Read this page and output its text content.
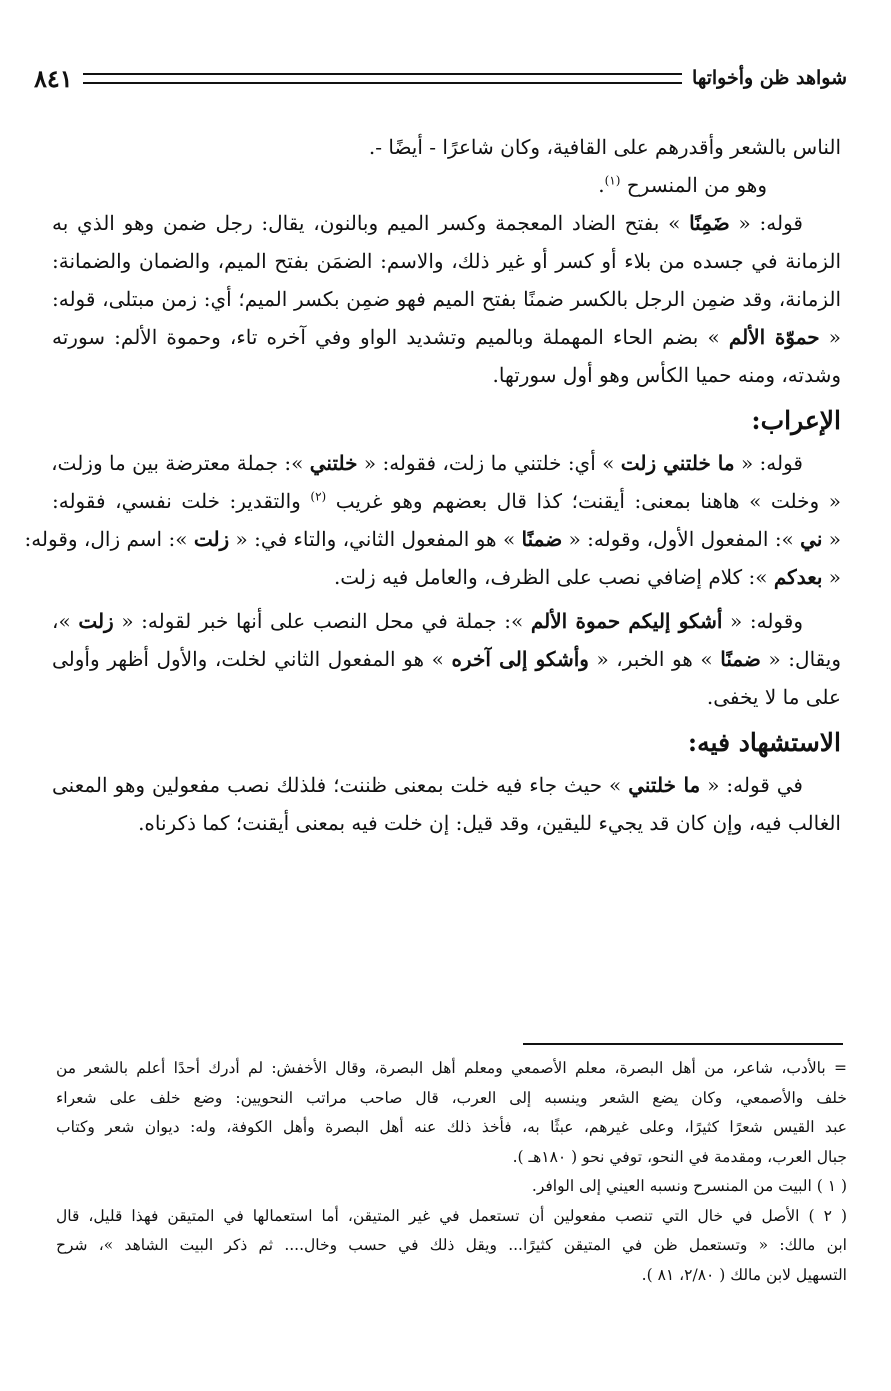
شواهد ظن وأخواتها
٨٤١
الناس بالشعر وأقدرهم على القافية، وكان شاعرًا - أيضًا -.
وهو من المنسرح $^{(١)}$.
قوله: « ضَمِنًا » بفتح الضاد المعجمة وكسر الميم وبالنون، يقال: رجل ضمن وهو الذي به
الزمانة في جسده من بلاء أو كسر أو غير ذلك، والاسم: الضمَن بفتح الميم، والضمان والضمانة:
الزمانة، وقد ضمِن الرجل بالكسر ضمنًا بفتح الميم فهو ضمِن بكسر الميم؛ أي: زمن مبتلى، قوله:
« حموّة الألم » بضم الحاء المهملة وبالميم وتشديد الواو وفي آخره تاء، وحموة الألم: سورته
وشدته، ومنه حميا الكأس وهو أول سورتها.
الإعراب:
قوله: « ما خلتني زلت » أي: خلتني ما زلت، فقوله: « خلتني »: جملة معترضة بين ما وزلت،
« وخلت » هاهنا بمعنى: أيقنت؛ كذا قال بعضهم وهو غريب $^{(٢)}$ والتقدير: خلت نفسي، فقوله:
« ني »: المفعول الأول، وقوله: « ضمنًا » هو المفعول الثاني، والتاء في: « زلت »: اسم زال، وقوله:
« بعدكم »: كلام إضافي نصب على الظرف، والعامل فيه زلت.
وقوله: « أشكو إليكم حموة الألم »: جملة في محل النصب على أنها خبر لقوله: « زلت »،
ويقال: « ضمنًا » هو الخبر، « وأشكو إلى آخره » هو المفعول الثاني لخلت، والأول أظهر وأولى
على ما لا يخفى.
الاستشهاد فيه:
في قوله: « ما خلتني » حيث جاء فيه خلت بمعنى ظننت؛ فلذلك نصب مفعولين وهو المعنى
الغالب فيه، وإن كان قد يجيء لليقين، وقد قيل: إن خلت فيه بمعنى أيقنت؛ كما ذكرناه.
= بالأدب، شاعر، من أهل البصرة، معلم الأصمعي ومعلم أهل البصرة، وقال الأخفش: لم أدرك أحدًا أعلم بالشعر من
خلف والأصمعي، وكان يضع الشعر وينسبه إلى العرب، قال صاحب مراتب النحويين: وضع خلف على شعراء
عبد القيس شعرًا كثيرًا، وعلى غيرهم، عبثًا به، فأخذ ذلك عنه أهل البصرة وأهل الكوفة، وله: ديوان شعر وكتاب
جبال العرب، ومقدمة في النحو، توفي نحو ( ١٨٠هـ ).
( ١ ) البيت من المنسرح ونسبه العيني إلى الوافر.
( ٢ ) الأصل في خال التي تنصب مفعولين أن تستعمل في غير المتيقن، أما استعمالها في المتيقن فهذا قليل، قال
ابن مالك: « وتستعمل ظن في المتيقن كثيرًا... ويقل ذلك في حسب وخال.... ثم ذكر البيت الشاهد »، شرح
التسهيل لابن مالك ( ٢/٨٠، ٨١ ).
